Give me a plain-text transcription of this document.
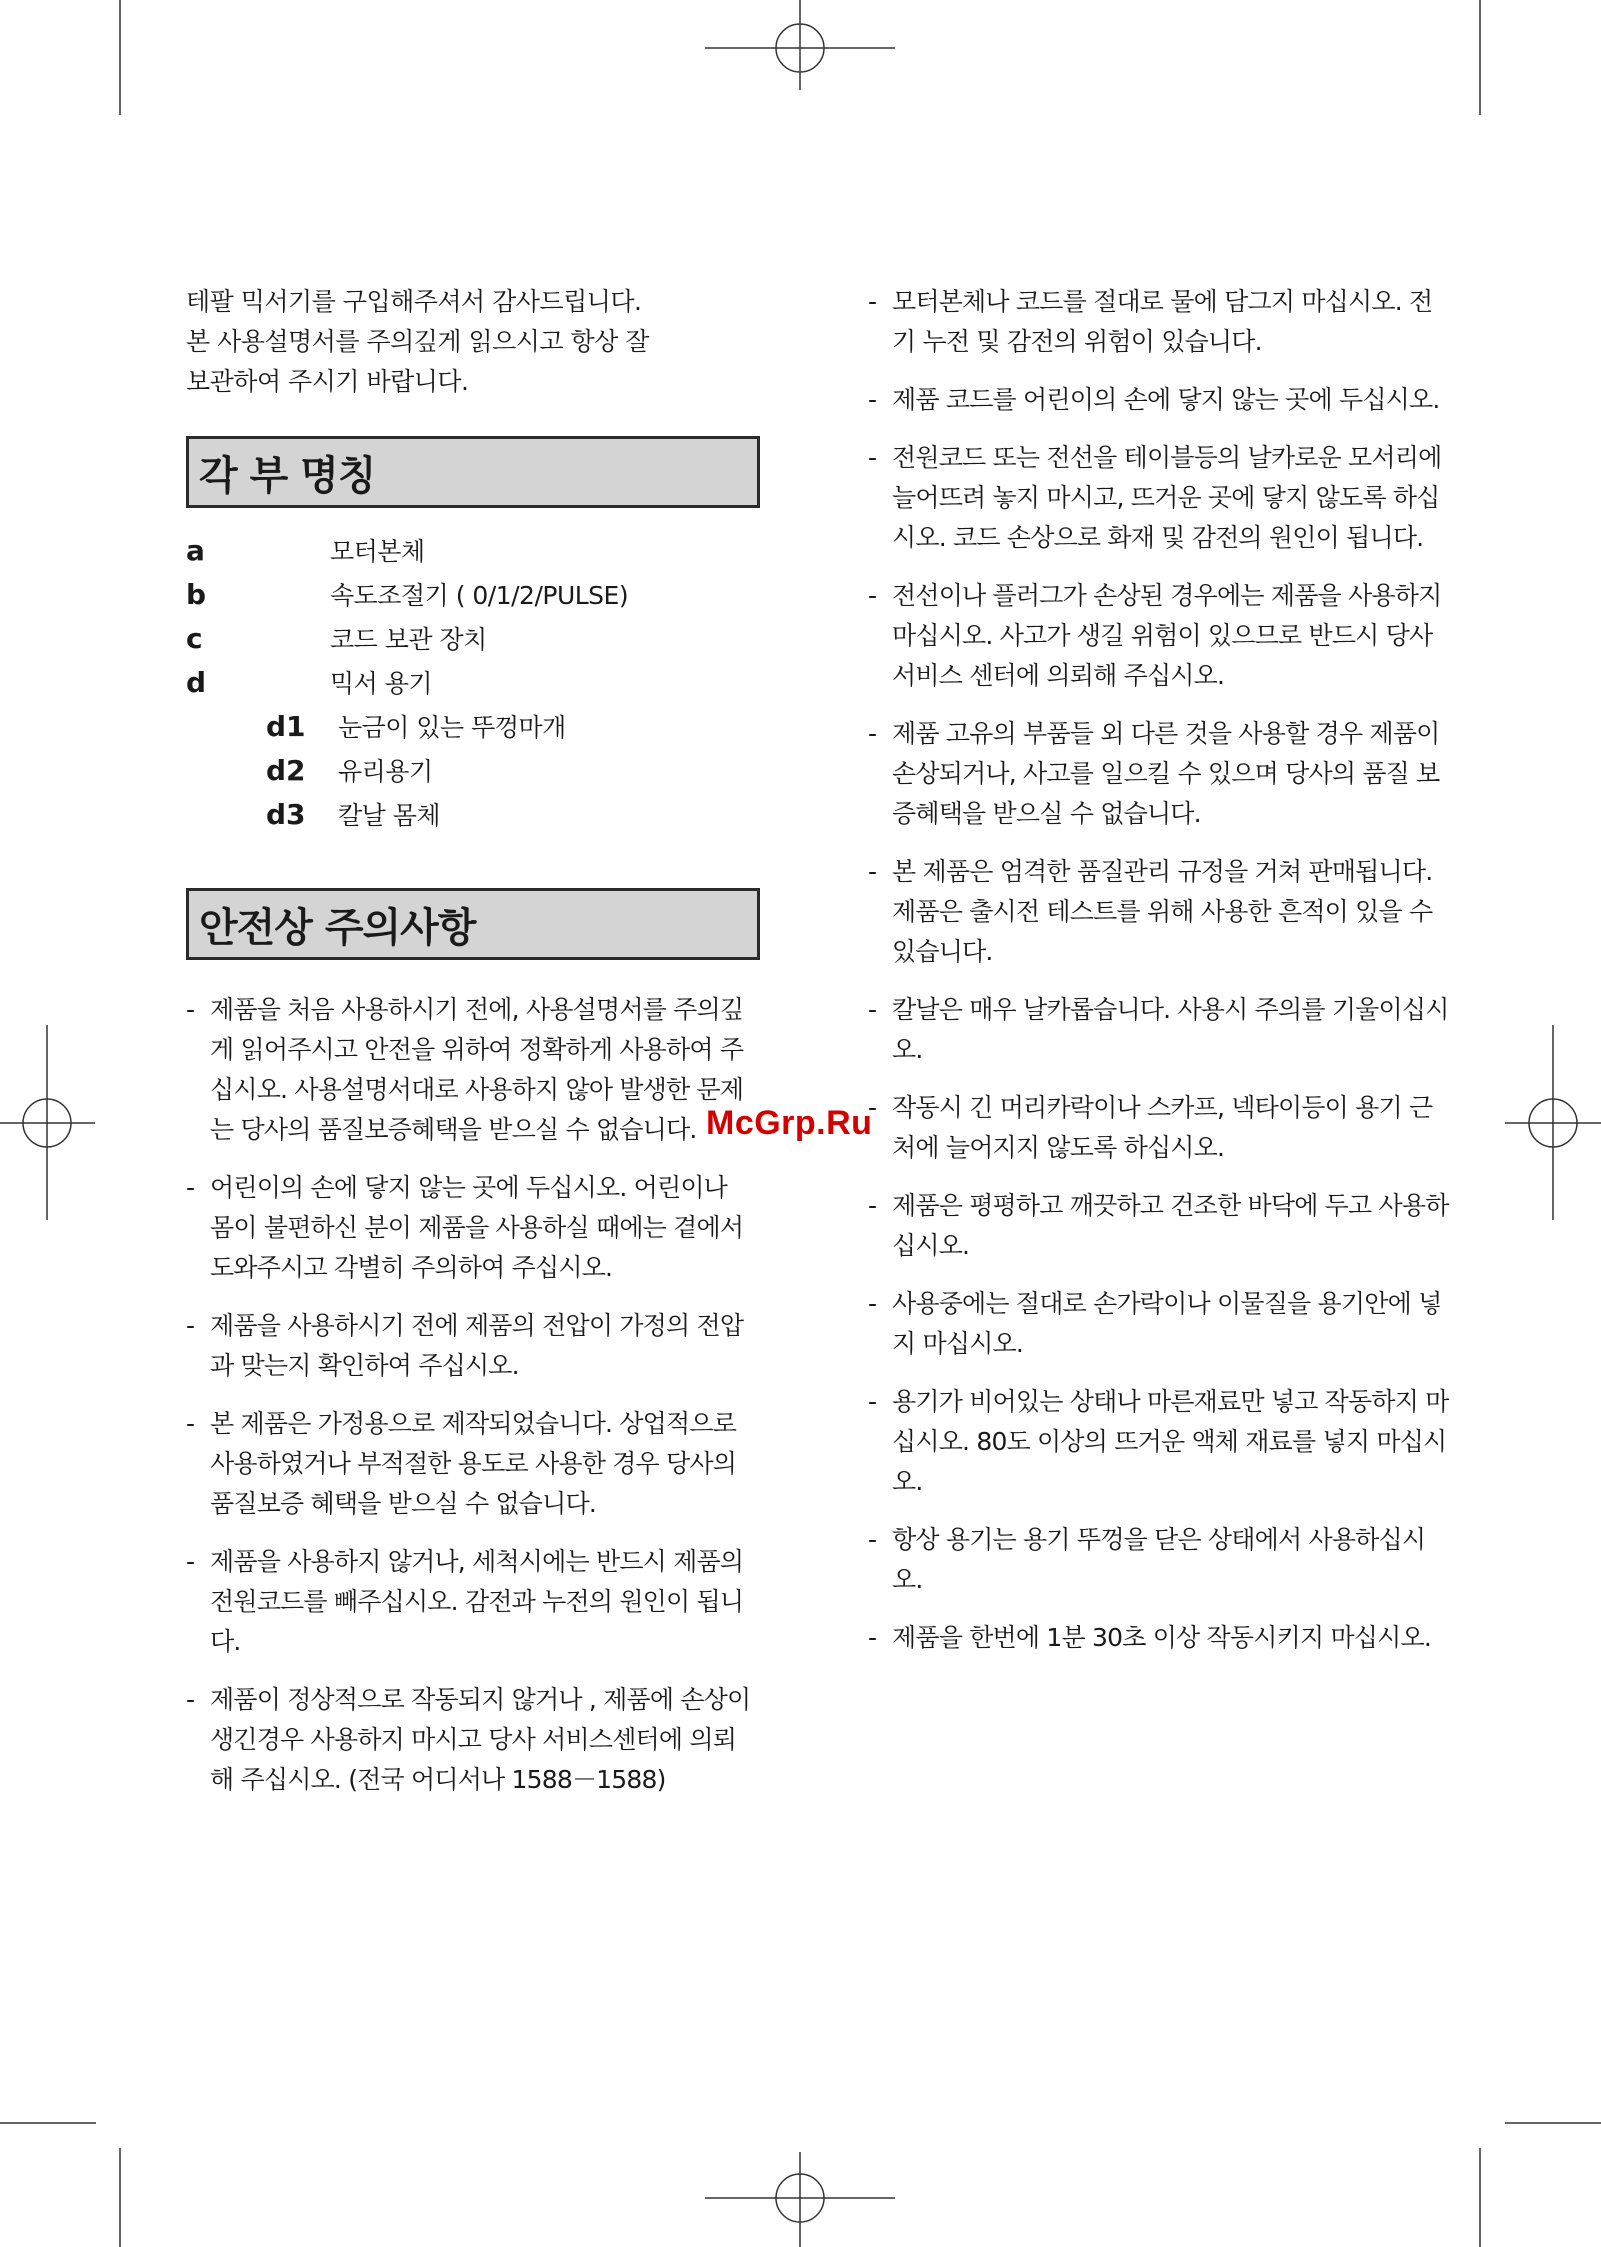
테팔 믹서기를 구입해주셔서 감사드립니다.

본 사용설명서를 주의깊게 읽으시고 항상 잘

보관하여 주시기 바랍니다.

각 부 명칭
a	모터본체
b	속도조절기 ( 0/1/2/PULSE)
c	코드 보관 장치
d	믹서 용기
d1	눈금이 있는 뚜껑마개
d2	유리용기
d3	칼날 몸체
안전상 주의사항
- 제품을 처음 사용하시기 전에, 사용설명서를 주의깊게 읽어주시고 안전을 위하여 정확하게 사용하여 주십시오. 사용설명서대로 사용하지 않아 발생한 문제는 당사의 품질보증혜택을 받으실 수 없습니다.
- 어린이의 손에 닿지 않는 곳에 두십시오. 어린이나 몸이 불편하신 분이 제품을 사용하실 때에는 곁에서 도와주시고 각별히 주의하여 주십시오.
- 제품을 사용하시기 전에 제품의 전압이 가정의 전압과 맞는지 확인하여 주십시오.
- 본 제품은 가정용으로 제작되었습니다. 상업적으로 사용하였거나 부적절한 용도로 사용한 경우 당사의 품질보증 혜택을 받으실 수 없습니다.
- 제품을 사용하지 않거나, 세척시에는 반드시 제품의 전원코드를 빼주십시오. 감전과 누전의 원인이 됩니다.
- 제품이 정상적으로 작동되지 않거나 , 제품에 손상이 생긴경우 사용하지 마시고 당사 서비스센터에 의뢰해 주십시오. (전국 어디서나 1588－1588)
- 모터본체나 코드를 절대로 물에 담그지 마십시오. 전기 누전 및 감전의 위험이 있습니다.
- 제품 코드를 어린이의 손에 닿지 않는 곳에 두십시오.
- 전원코드 또는 전선을 테이블등의 날카로운 모서리에 늘어뜨려 놓지 마시고, 뜨거운 곳에 닿지 않도록 하십시오. 코드 손상으로 화재 및 감전의 원인이 됩니다.
- 전선이나 플러그가 손상된 경우에는 제품을 사용하지 마십시오. 사고가 생길 위험이 있으므로 반드시 당사 서비스 센터에 의뢰해 주십시오.
- 제품 고유의 부품들 외 다른 것을 사용할 경우 제품이 손상되거나, 사고를 일으킬 수 있으며 당사의 품질 보증혜택을 받으실 수 없습니다.
- 본 제품은 엄격한 품질관리 규정을 거쳐 판매됩니다. 제품은 출시전 테스트를 위해 사용한 흔적이 있을 수 있습니다.
- 칼날은 매우 날카롭습니다. 사용시 주의를 기울이십시오.
- 작동시 긴 머리카락이나 스카프, 넥타이등이 용기 근처에 늘어지지 않도록 하십시오.
- 제품은 평평하고 깨끗하고 건조한 바닥에 두고 사용하십시오.
- 사용중에는 절대로 손가락이나 이물질을 용기안에 넣지 마십시오.
- 용기가 비어있는 상태나 마른재료만 넣고 작동하지 마십시오. 80도 이상의 뜨거운 액체 재료를 넣지 마십시오.
- 항상 용기는 용기 뚜껑을 닫은 상태에서 사용하십시오.
- 제품을 한번에 1분 30초 이상 작동시키지 마십시오.
McGrp.Ru
